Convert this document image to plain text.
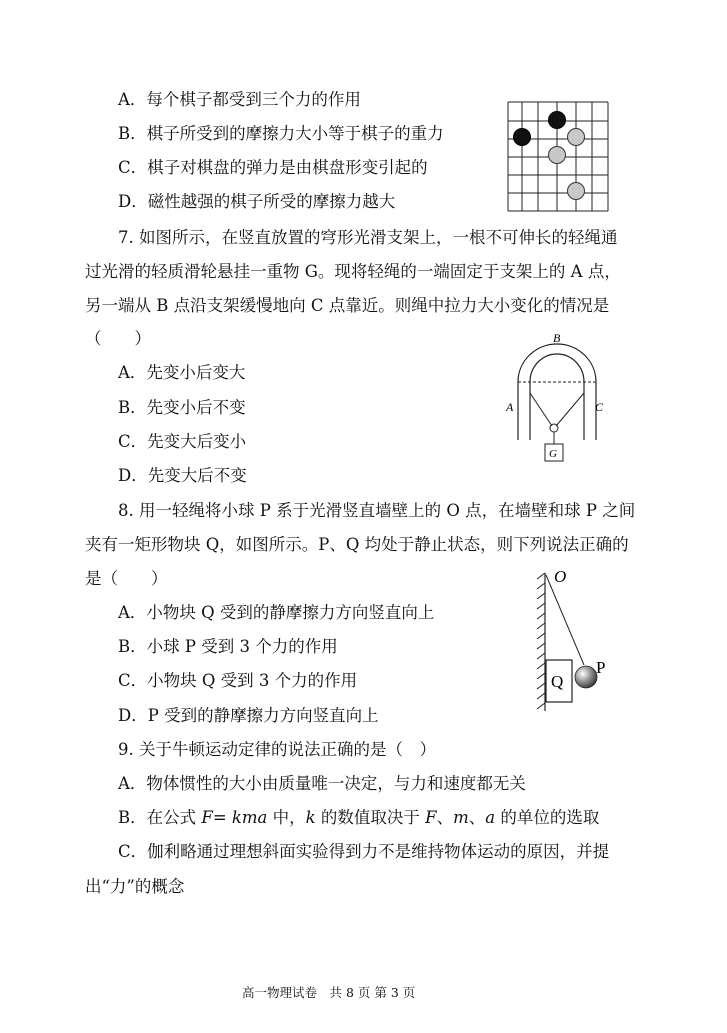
A．每个棋子都受到三个力的作用
B．棋子所受到的摩擦力大小等于棋子的重力
C．棋子对棋盘的弹力是由棋盘形变引起的
D．磁性越强的棋子所受的摩擦力越大
7. 如图所示，在竖直放置的穹形光滑支架上，一根不可伸长的轻绳通
过光滑的轻质滑轮悬挂一重物 G。现将轻绳的一端固定于支架上的 A 点，
另一端从 B 点沿支架缓慢地向 C 点靠近。则绳中拉力大小变化的情况是
（　　）
A．先变小后变大
B．先变小后不变
C．先变大后变小
D．先变大后不变
B
A	C
G
8. 用一轻绳将小球 P 系于光滑竖直墙壁上的 O 点，在墙壁和球 P 之间
夹有一矩形物块 Q，如图所示。P、Q 均处于静止状态，则下列说法正确的
是（　　）
A．小物块 Q 受到的静摩擦力方向竖直向上
B．小球 P 受到 3 个力的作用
C．小物块 Q 受到 3 个力的作用
D．P 受到的静摩擦力方向竖直向上
O
Q
P
9. 关于牛顿运动定律的说法正确的是（　）
A．物体惯性的大小由质量唯一决定，与力和速度都无关
B．在公式 F= kma 中，k 的数值取决于 F、m、a 的单位的选取
C．伽利略通过理想斜面实验得到力不是维持物体运动的原因，并提
出“力”的概念
高一物理试卷　共 8 页 第 3 页
